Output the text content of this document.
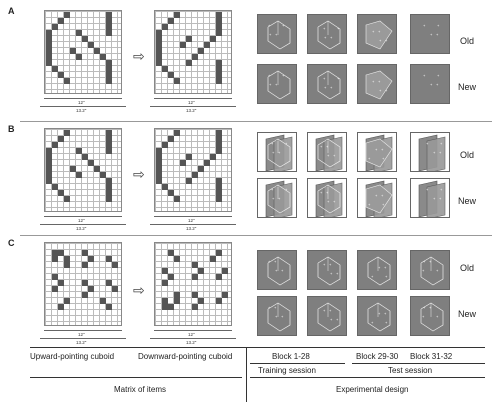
A
B
C
12"
13.2"
12"
13.2"
12"
13.2"
12"
13.2"
12"
13.2"
12"
13.2"
⇨
⇨
⇨
+
+
+
+
+
+
+
+
+
+
+
+
+
+
+
+
+
+
+
+
+
+
+
+
+
+
+
+
+
+
+
+
+
+
+
+
+
+
+
+
+
+
+
+
+
+
+
+
+
+
+
+
+
+
+
+
+
+
+
+
+
+
+
+
+
+
+
+
+
+
+
+
+
+
+
+
+
+
+
+
+
+
+
+
+
+
+
+
+
+
+
+
+
+
+
+
Old
New
Old
New
Old
New
Upward-pointing cuboid	Downward-pointing cuboid	Block 1-28	Block 29-30 Block 31-32
Training session	Test session
Matrix of items	Experimental design
